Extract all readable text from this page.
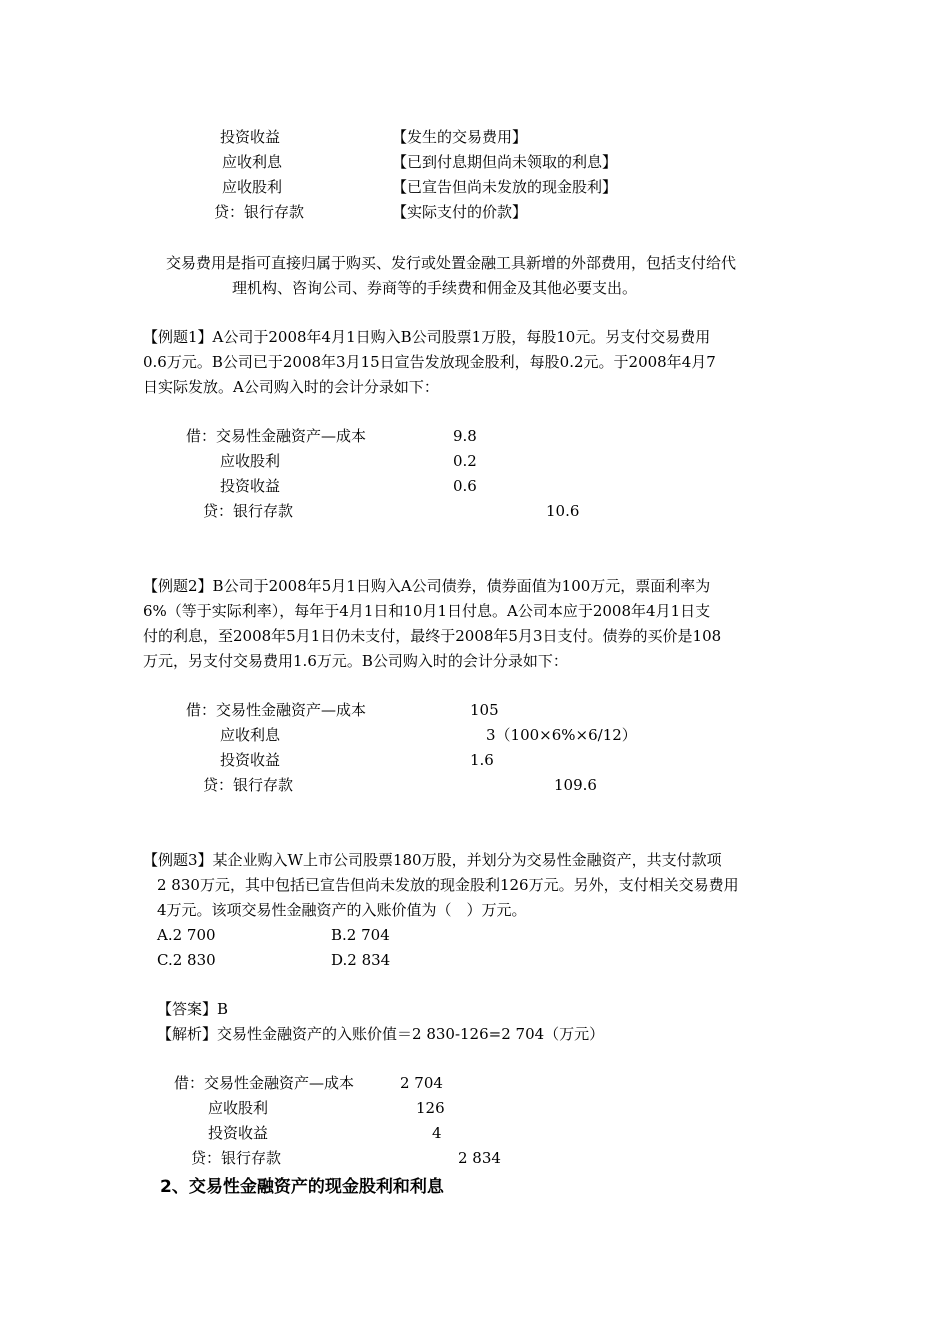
投资收益	【发生的交易费用】
应收利息	【已到付息期但尚未领取的利息】
应收股利	【已宣告但尚未发放的现金股利】
贷：银行存款	【实际支付的价款】
交易费用是指可直接归属于购买、发行或处置金融工具新增的外部费用，包括支付给代
理机构、咨询公司、券商等的手续费和佣金及其他必要支出。
【例题1】A公司于2008年4月1日购入B公司股票1万股，每股10元。另支付交易费用
0.6万元。B公司已于2008年3月15日宣告发放现金股利，每股0.2元。于2008年4月7
日实际发放。A公司购入时的会计分录如下：
借：交易性金融资产—成本	9.8
应收股利	0.2
投资收益	0.6
贷：银行存款	10.6
【例题2】B公司于2008年5月1日购入A公司债券，债券面值为100万元，票面利率为
6%（等于实际利率），每年于4月1日和10月1日付息。A公司本应于2008年4月1日支
付的利息，至2008年5月1日仍未支付，最终于2008年5月3日支付。债券的买价是108
万元，另支付交易费用1.6万元。B公司购入时的会计分录如下：
借：交易性金融资产—成本	105
应收利息	3（100×6%×6/12）
投资收益	1.6
贷：银行存款	109.6
【例题3】某企业购入W上市公司股票180万股，并划分为交易性金融资产，共支付款项
2 830万元，其中包括已宣告但尚未发放的现金股利126万元。另外，支付相关交易费用
4万元。该项交易性金融资产的入账价值为（　）万元。
A.2 700	B.2 704
C.2 830	D.2 834
【答案】B
【解析】交易性金融资产的入账价值＝2 830-126=2 704（万元）
借：交易性金融资产—成本	2 704
应收股利	126
投资收益	4
贷：银行存款	2 834
2、交易性金融资产的现金股利和利息
